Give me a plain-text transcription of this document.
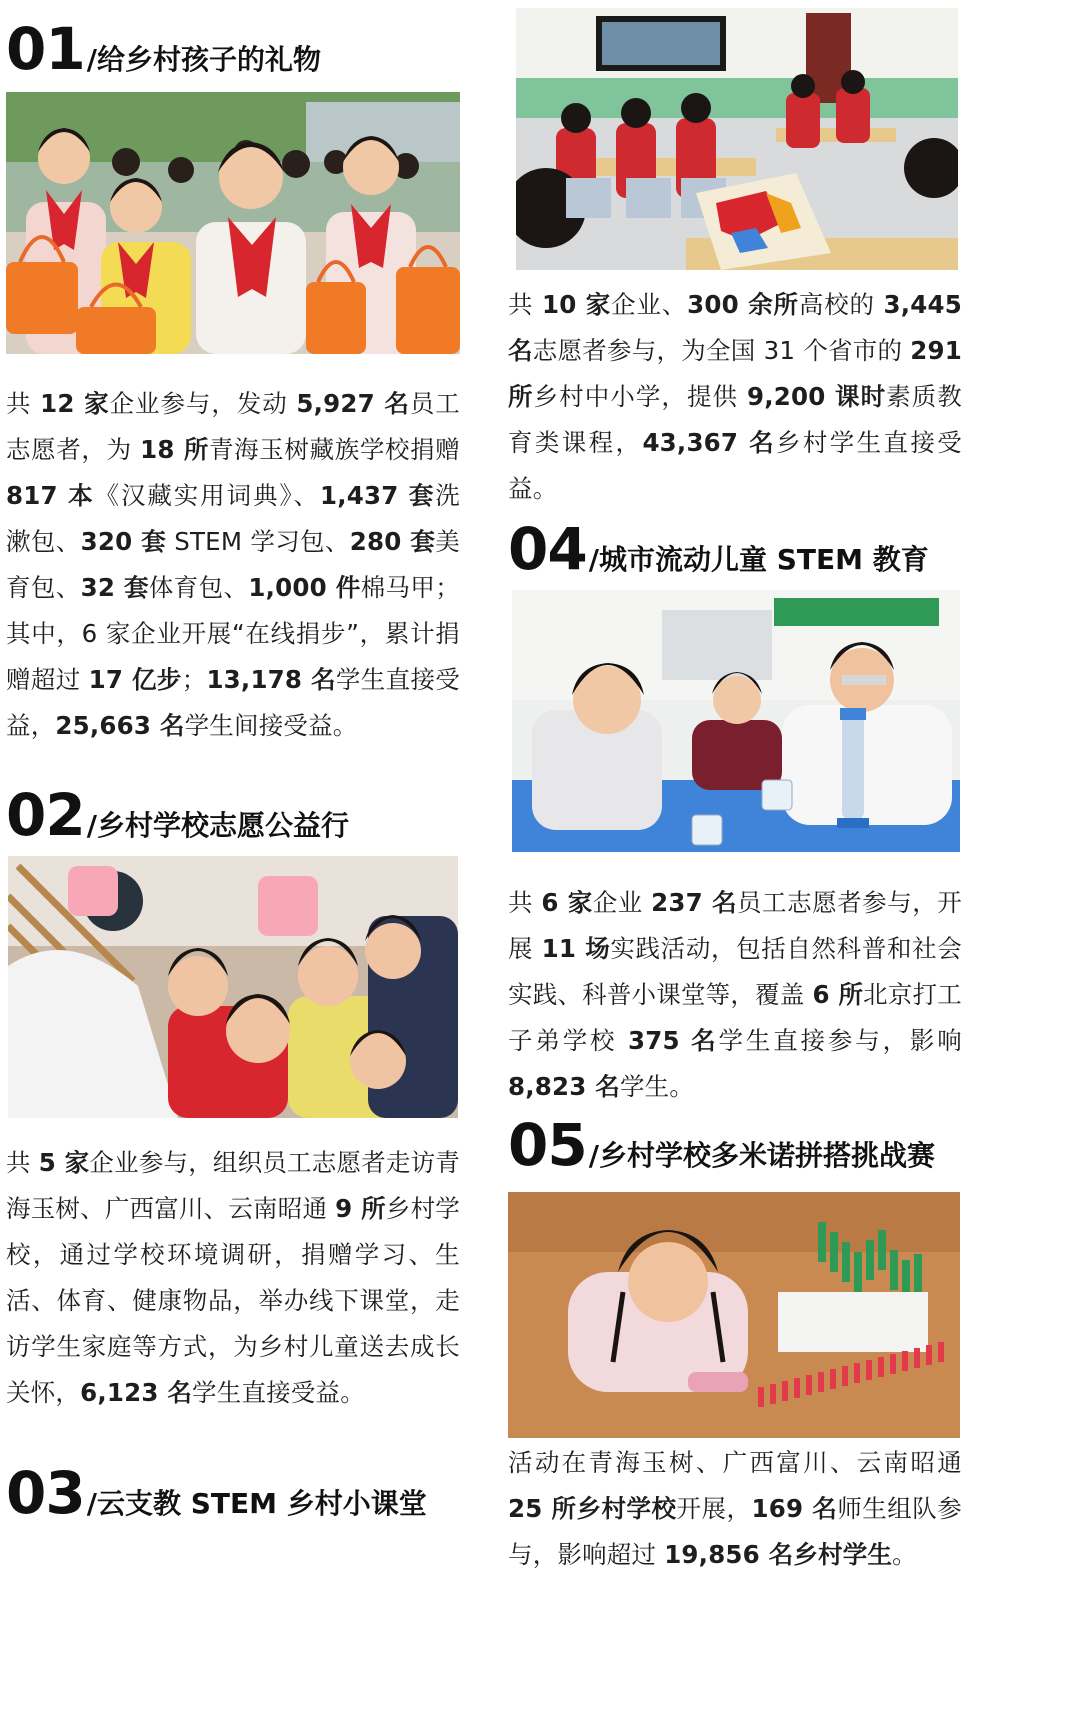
01 /给乡村孩子的礼物
共 12 家企业参与，发动 5,927 名员工志愿者，为 18 所青海玉树藏族学校捐赠 817 本《汉藏实用词典》、1,437 套洗漱包、320 套 STEM 学习包、280 套美育包、32 套体育包、1,000 件棉马甲；其中，6 家企业开展“在线捐步”，累计捐赠超过 17 亿步；13,178 名学生直接受益，25,663 名学生间接受益。
02 /乡村学校志愿公益行
共 5 家企业参与，组织员工志愿者走访青海玉树、广西富川、云南昭通 9 所乡村学校，通过学校环境调研，捐赠学习、生活、体育、健康物品，举办线下课堂，走访学生家庭等方式，为乡村儿童送去成长关怀，6,123 名学生直接受益。
03 /云支教 STEM 乡村小课堂
共 10 家企业、300 余所高校的 3,445 名志愿者参与，为全国 31 个省市的 291 所乡村中小学，提供 9,200 课时素质教育类课程，43,367 名乡村学生直接受益。
04 /城市流动儿童 STEM 教育
共 6 家企业 237 名员工志愿者参与，开展 11 场实践活动，包括自然科普和社会实践、科普小课堂等，覆盖 6 所北京打工子弟学校 375 名学生直接参与，影响 8,823 名学生。
05 /乡村学校多米诺拼搭挑战赛
活动在青海玉树、广西富川、云南昭通 25 所乡村学校开展，169 名师生组队参与，影响超过 19,856 名乡村学生。
